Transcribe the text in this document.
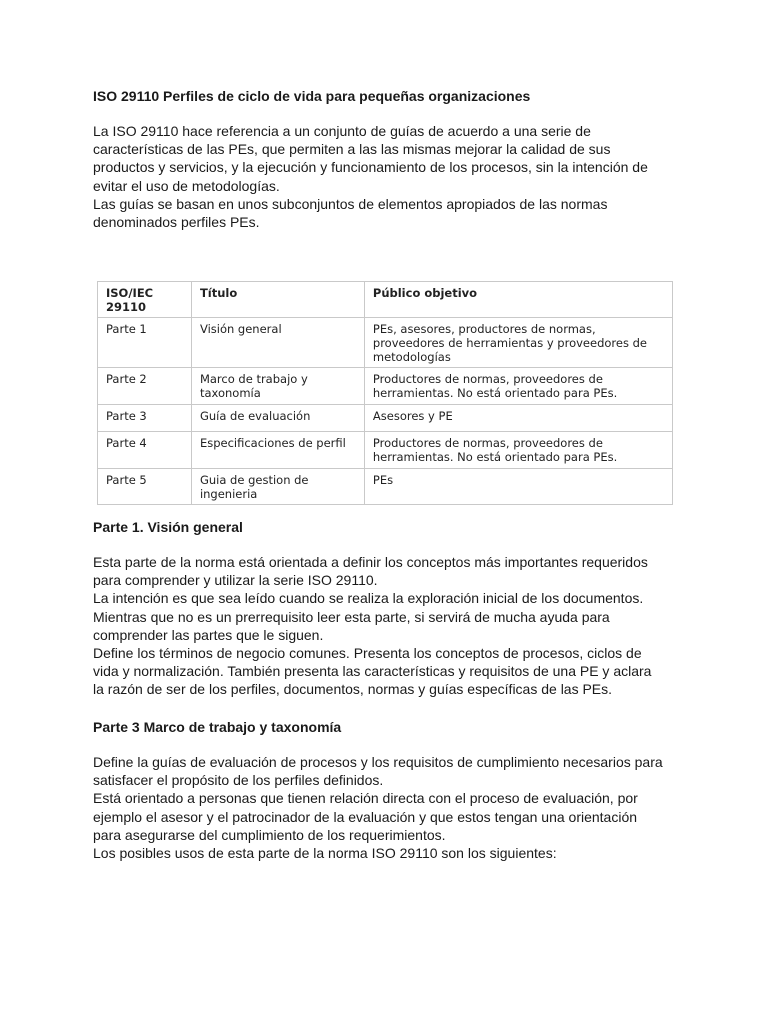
ISO 29110 Perfiles de ciclo de vida para pequeñas organizaciones
La ISO 29110 hace referencia a un conjunto de guías de acuerdo a una serie de
características de las PEs, que permiten a las las mismas mejorar la calidad de sus
productos y servicios, y la ejecución y funcionamiento de los procesos, sin la intención de
evitar el uso de metodologías.
Las guías se basan en unos subconjuntos de elementos apropiados de las normas
denominados perfiles PEs.
ISO/IEC 29110	Título	Público objetivo
Parte 1	Visión general	PEs, asesores, productores de normas, proveedores de herramientas y proveedores de metodologías
Parte 2	Marco de trabajo y taxonomía	Productores de normas, proveedores de herramientas. No está orientado para PEs.
Parte 3	Guía de evaluación	Asesores y PE
Parte 4	Especificaciones de perfil	Productores de normas, proveedores de herramientas. No está orientado para PEs.
Parte 5	Guia de gestion de ingenieria	PEs
Parte 1. Visión general
Esta parte de la norma está orientada a definir los conceptos más importantes requeridos
para comprender y utilizar la serie ISO 29110.
La intención es que sea leído cuando se realiza la exploración inicial de los documentos.
Mientras que no es un prerrequisito leer esta parte, si servirá de mucha ayuda para
comprender las partes que le siguen.
Define los términos de negocio comunes. Presenta los conceptos de procesos, ciclos de
vida y normalización. También presenta las características y requisitos de una PE y aclara
la razón de ser de los perfiles, documentos, normas y guías específicas de las PEs.
Parte 3 Marco de trabajo y taxonomía
Define la guías de evaluación de procesos y los requisitos de cumplimiento necesarios para
satisfacer el propósito de los perfiles definidos.
Está orientado a personas que tienen relación directa con el proceso de evaluación, por
ejemplo el asesor y el patrocinador de la evaluación y que estos tengan una orientación
para asegurarse del cumplimiento de los requerimientos.
Los posibles usos de esta parte de la norma ISO 29110 son los siguientes:
